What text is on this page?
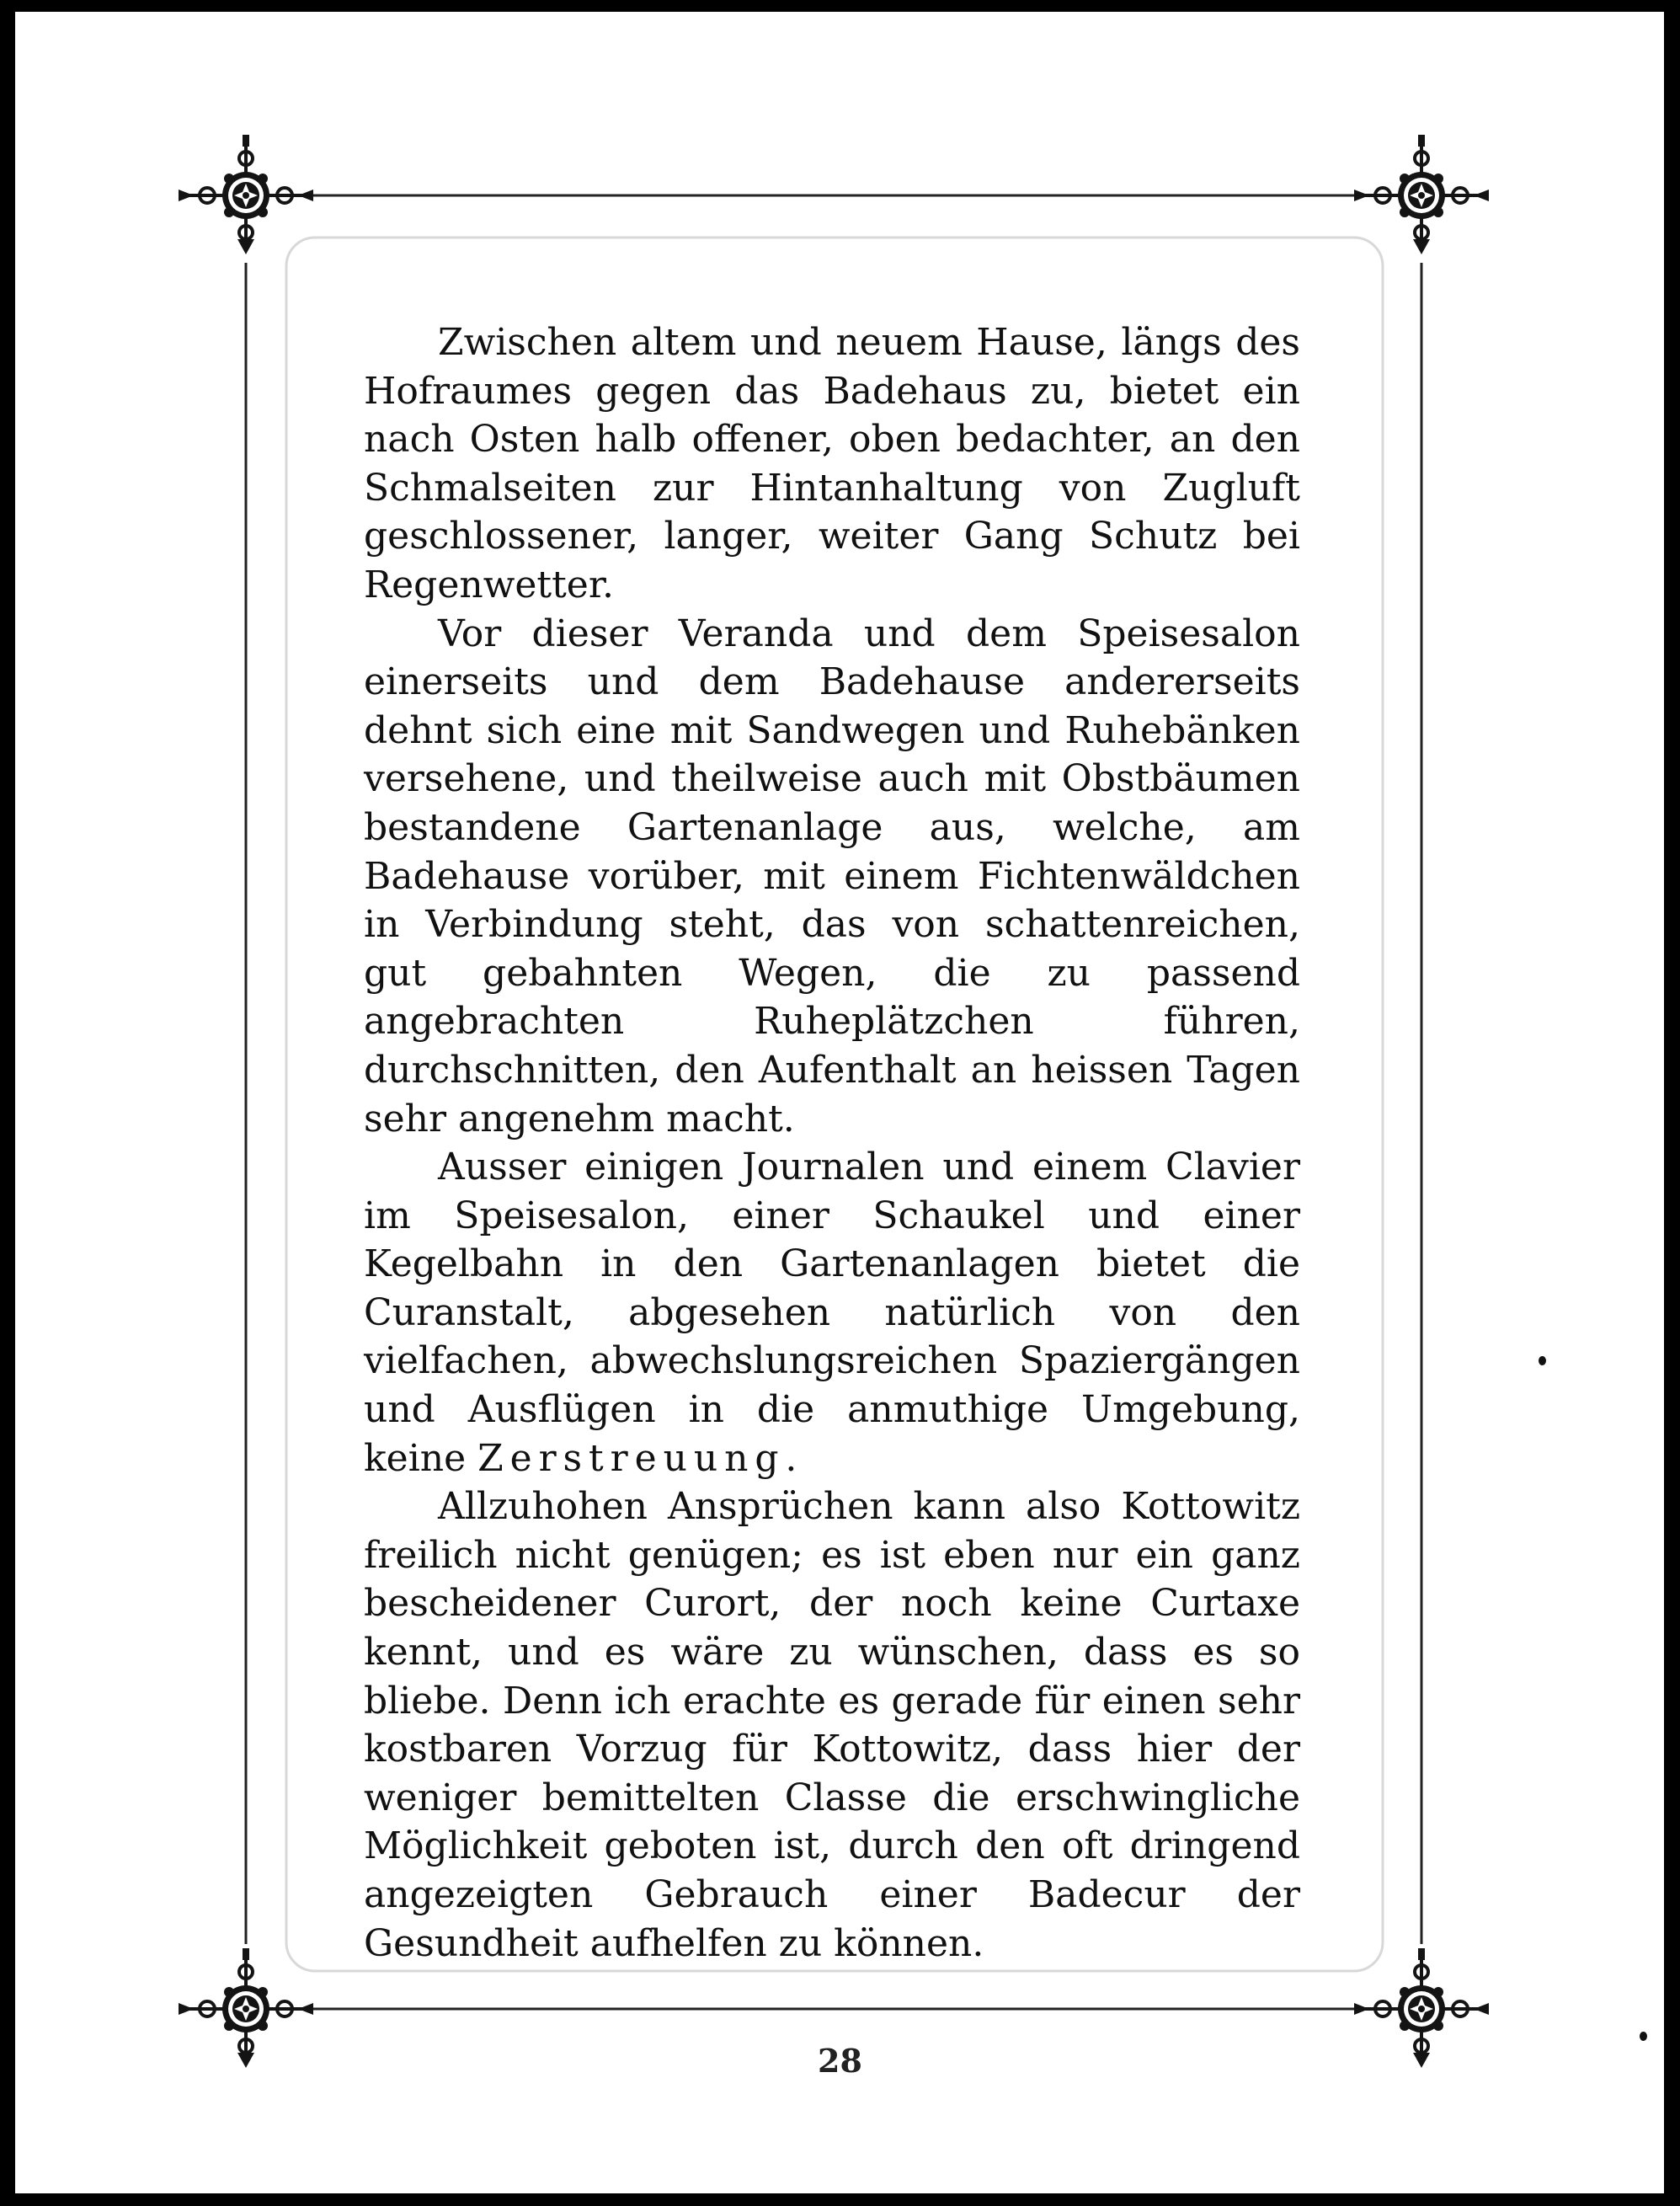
Zwischen altem und neuem Hause, längs des Hofraumes gegen das Badehaus zu, bietet ein nach Osten halb offener, oben bedachter, an den Schmalseiten zur Hintanhaltung von Zugluft geschlossener, langer, weiter Gang Schutz bei Regenwetter.

Vor dieser Veranda und dem Speisesalon einerseits und dem Badehause andererseits dehnt sich eine mit Sandwegen und Ruhebänken versehene, und theilweise auch mit Obstbäumen bestandene Gartenanlage aus, welche, am Badehause vorüber, mit einem Fichtenwäldchen in Verbindung steht, das von schattenreichen, gut gebahnten Wegen, die zu passend angebrachten Ruheplätzchen führen, durchschnitten, den Aufenthalt an heissen Tagen sehr angenehm macht.

Ausser einigen Journalen und einem Clavier im Speisesalon, einer Schaukel und einer Kegelbahn in den Gartenanlagen bietet die Curanstalt, abgesehen natürlich von den vielfachen, abwechslungsreichen Spaziergängen und Ausflügen in die anmuthige Umgebung, keine Zerstreuung.

Allzuhohen Ansprüchen kann also Kottowitz freilich nicht genügen; es ist eben nur ein ganz bescheidener Curort, der noch keine Curtaxe kennt, und es wäre zu wünschen, dass es so bliebe. Denn ich erachte es gerade für einen sehr kostbaren Vorzug für Kottowitz, dass hier der weniger bemittelten Classe die erschwingliche Möglichkeit geboten ist, durch den oft dringend angezeigten Gebrauch einer Badecur der Gesundheit aufhelfen zu können.

28
